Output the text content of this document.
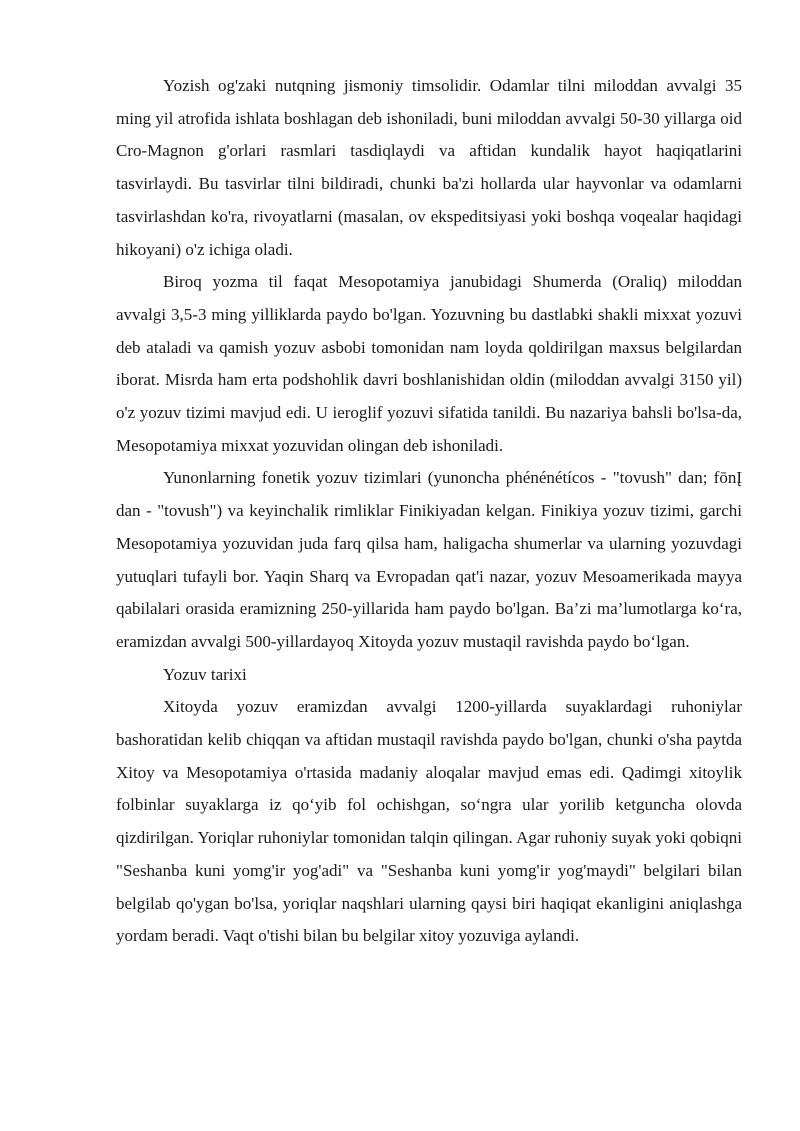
Yozish og'zaki nutqning jismoniy timsolidir. Odamlar tilni miloddan avvalgi 35 ming yil atrofida ishlata boshlagan deb ishoniladi, buni miloddan avvalgi 50-30 yillarga oid Cro-Magnon g'orlari rasmlari tasdiqlaydi va aftidan kundalik hayot haqiqatlarini tasvirlaydi. Bu tasvirlar tilni bildiradi, chunki ba'zi hollarda ular hayvonlar va odamlarni tasvirlashdan ko'ra, rivoyatlarni (masalan, ov ekspeditsiyasi yoki boshqa voqealar haqidagi hikoyani) o'z ichiga oladi.

Biroq yozma til faqat Mesopotamiya janubidagi Shumerda (Oraliq) miloddan avvalgi 3,5-3 ming yilliklarda paydo bo'lgan. Yozuvning bu dastlabki shakli mixxat yozuvi deb ataladi va qamish yozuv asbobi tomonidan nam loyda qoldirilgan maxsus belgilardan iborat. Misrda ham erta podshohlik davri boshlanishidan oldin (miloddan avvalgi 3150 yil) o'z yozuv tizimi mavjud edi. U ieroglif yozuvi sifatida tanildi. Bu nazariya bahsli bo'lsa-da, Mesopotamiya mixxat yozuvidan olingan deb ishoniladi.

Yunonlarning fonetik yozuv tizimlari (yunoncha phénénétícos - "tovush" dan; fōnĮ dan - "tovush") va keyinchalik rimliklar Finikiyadan kelgan. Finikiya yozuv tizimi, garchi Mesopotamiya yozuvidan juda farq qilsa ham, haligacha shumerlar va ularning yozuvdagi yutuqlari tufayli bor. Yaqin Sharq va Evropadan qat'i nazar, yozuv Mesoamerikada mayya qabilalari orasida eramizning 250-yillarida ham paydo bo'lgan. Ba’zi ma’lumotlarga ko‘ra, eramizdan avvalgi 500-yillardayoq Xitoyda yozuv mustaqil ravishda paydo bo‘lgan.

Yozuv tarixi

Xitoyda yozuv eramizdan avvalgi 1200-yillarda suyaklardagi ruhoniylar bashoratidan kelib chiqqan va aftidan mustaqil ravishda paydo bo'lgan, chunki o'sha paytda Xitoy va Mesopotamiya o'rtasida madaniy aloqalar mavjud emas edi. Qadimgi xitoylik folbinlar suyaklarga iz qo‘yib fol ochishgan, so‘ngra ular yorilib ketguncha olovda qizdirilgan. Yoriqlar ruhoniylar tomonidan talqin qilingan. Agar ruhoniy suyak yoki qobiqni "Seshanba kuni yomg'ir yog'adi" va "Seshanba kuni yomg'ir yog'maydi" belgilari bilan belgilab qo'ygan bo'lsa, yoriqlar naqshlari ularning qaysi biri haqiqat ekanligini aniqlashga yordam beradi. Vaqt o'tishi bilan bu belgilar xitoy yozuviga aylandi.
